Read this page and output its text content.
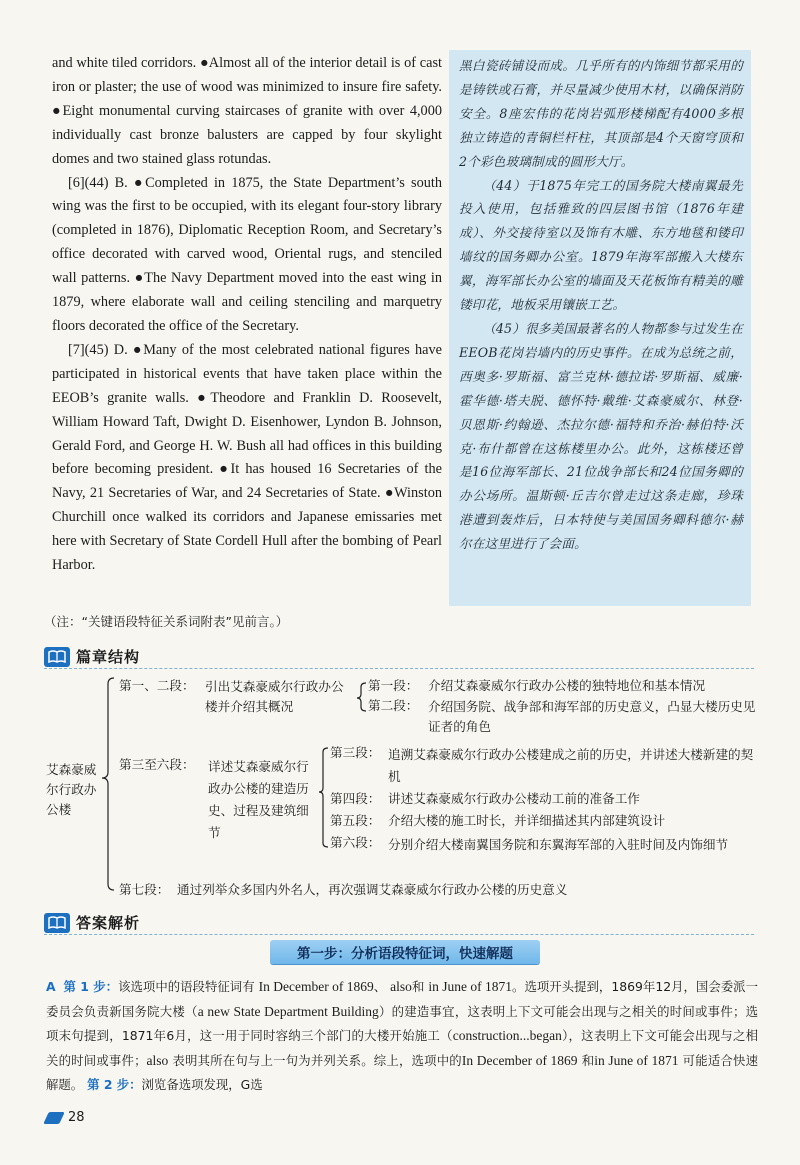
and white tiled corridors. ●Almost all of the interior detail is of cast iron or plaster; the use of wood was minimized to insure fire safety. ●Eight monumental curving staircases of granite with over 4,000 individually cast bronze balusters are capped by four skylight domes and two stained glass rotundas.

[6](44) B. ●Completed in 1875, the State Department’s south wing was the first to be occupied, with its elegant four-story library (completed in 1876), Diplomatic Reception Room, and Secretary’s office decorated with carved wood, Oriental rugs, and stenciled wall patterns. ●The Navy Department moved into the east wing in 1879, where elaborate wall and ceiling stenciling and marquetry floors decorated the office of the Secretary.

[7](45) D. ●Many of the most celebrated national figures have participated in historical events that have taken place within the EEOB’s granite walls. ●Theodore and Franklin D. Roosevelt, William Howard Taft, Dwight D. Eisenhower, Lyndon B. Johnson, Gerald Ford, and George H. W. Bush all had offices in this building before becoming president. ●It has housed 16 Secretaries of the Navy, 21 Secretaries of War, and 24 Secretaries of State. ●Winston Churchill once walked its corridors and Japanese emissaries met here with Secretary of State Cordell Hull after the bombing of Pearl Harbor.

黑白瓷砖铺设而成。几乎所有的内饰细节都采用的是铸铁或石膏，并尽量减少使用木材，以确保消防安全。8座宏伟的花岗岩弧形楼梯配有4000多根独立铸造的青铜栏杆柱，其顶部是4个天窗穹顶和2个彩色玻璃制成的圆形大厅。

（44）于1875年完工的国务院大楼南翼最先投入使用，包括雅致的四层图书馆（1876年建成）、外交接待室以及饰有木雕、东方地毯和镂印墙纹的国务卿办公室。1879年海军部搬入大楼东翼，海军部长办公室的墙面及天花板饰有精美的雕镂印花，地板采用镶嵌工艺。

（45）很多美国最著名的人物都参与过发生在EEOB花岗岩墙内的历史事件。在成为总统之前，西奥多·罗斯福、富兰克林·德拉诺·罗斯福、威廉·霍华德·塔夫脱、德怀特·戴维·艾森豪威尔、林登·贝恩斯·约翰逊、杰拉尔德·福特和乔治·赫伯特·沃克·布什都曾在这栋楼里办公。此外，这栋楼还曾是16位海军部长、21位战争部长和24位国务卿的办公场所。温斯顿·丘吉尔曾走过这条走廊，珍珠港遭到轰炸后，日本特使与美国国务卿科德尔·赫尔在这里进行了会面。

（注：“关键语段特征关系词附表”见前言。）
篇章结构
艾森豪威尔行政办公楼
第一、二段： 引出艾森豪威尔行政办公楼并介绍其概况
第一段： 介绍艾森豪威尔行政办公楼的独特地位和基本情况
第二段： 介绍国务院、战争部和海军部的历史意义，凸显大楼历史见证者的角色
第三至六段： 详述艾森豪威尔行政办公楼的建造历史、过程及建筑细节
第三段： 追溯艾森豪威尔行政办公楼建成之前的历史，并讲述大楼新建的契机
第四段： 讲述艾森豪威尔行政办公楼动工前的准备工作
第五段： 介绍大楼的施工时长，并详细描述其内部建筑设计
第六段： 分别介绍大楼南翼国务院和东翼海军部的入驻时间及内饰细节
第七段： 通过列举众多国内外名人，再次强调艾森豪威尔行政办公楼的历史意义
答案解析
第一步：分析语段特征词，快速解题
A 第 1 步：该选项中的语段特征词有 In December of 1869、 also和 in June of 1871。选项开头提到，1869年12月，国会委派一委员会负责新国务院大楼（a new State Department Building）的建造事宜，这表明上下文可能会出现与之相关的时间或事件；选项末句提到，1871年6月，这一用于同时容纳三个部门的大楼开始施工（construction...began），这表明上下文可能会出现与之相关的时间或事件；also 表明其所在句与上一句为并列关系。综上，选项中的In December of 1869 和in June of 1871 可能适合快速解题。 第 2 步：浏览备选项发现，G选
28
